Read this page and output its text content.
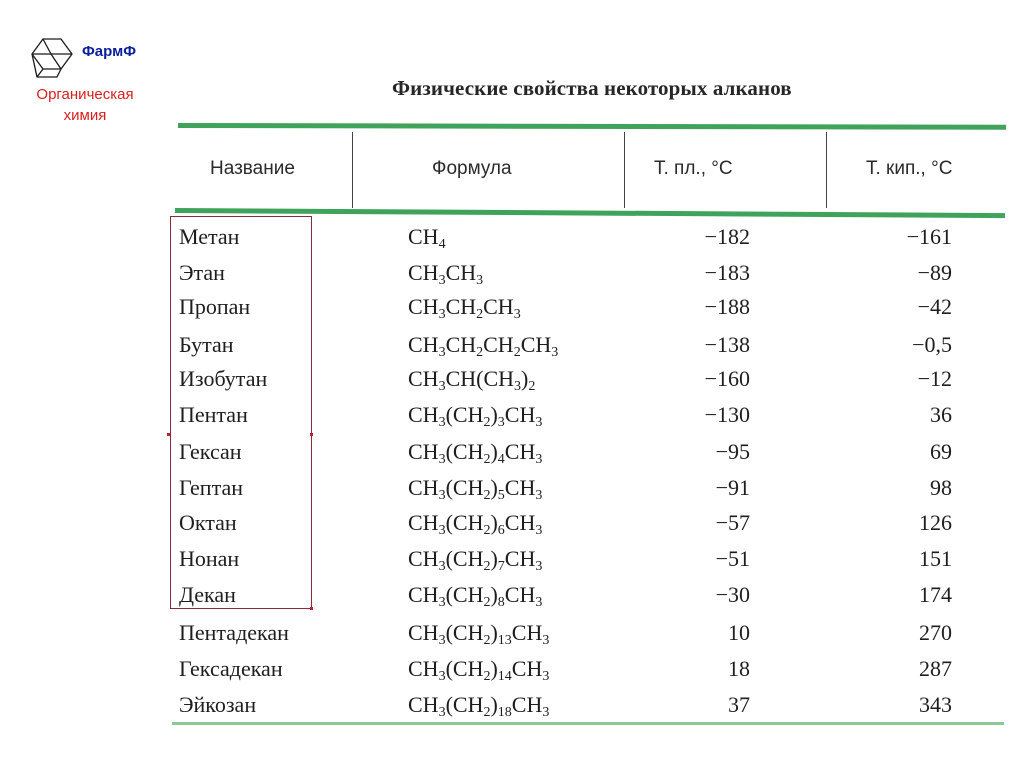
ФармФ
Органическая химия
Физические свойства некоторых алканов
Название	Формула	Т. пл., °С	Т. кип., °С
Метан	$CH_4$	−182	−161
Этан	$CH_3CH_3$	−183	−89
Пропан	$CH_3CH_2CH_3$	−188	−42
Бутан	$CH_3CH_2CH_2CH_3$	−138	−0,5
Изобутан	$CH_3CH(CH_3)_2$	−160	−12
Пентан	$CH_3(CH_2)_3CH_3$	−130	36
Гексан	$CH_3(CH_2)_4CH_3$	−95	69
Гептан	$CH_3(CH_2)_5CH_3$	−91	98
Октан	$CH_3(CH_2)_6CH_3$	−57	126
Нонан	$CH_3(CH_2)_7CH_3$	−51	151
Декан	$CH_3(CH_2)_8CH_3$	−30	174
Пентадекан	$CH_3(CH_2)_{13}CH_3$	10	270
Гексадекан	$CH_3(CH_2)_{14}CH_3$	18	287
Эйкозан	$CH_3(CH_2)_{18}CH_3$	37	343
